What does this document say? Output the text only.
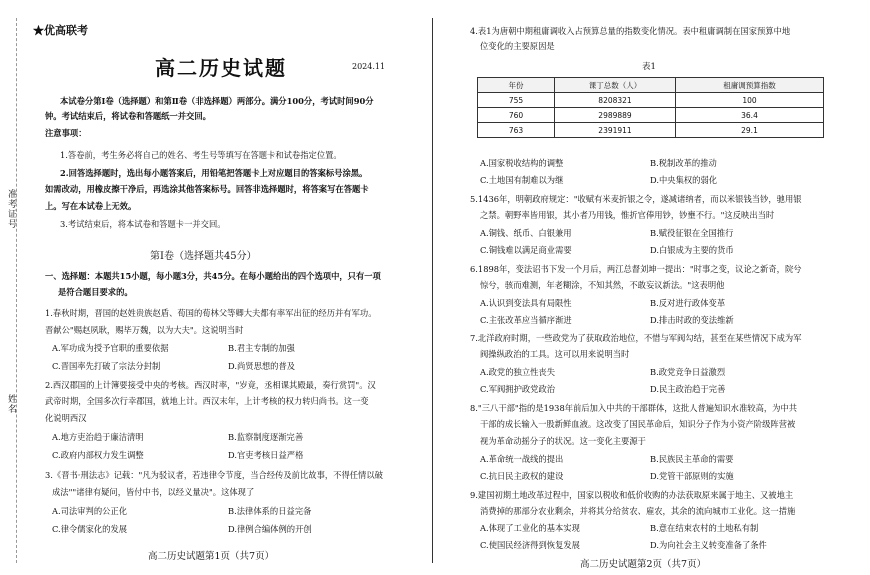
准考证号
姓名
★优高联考
高二历史试题	2024.11
本试卷分第Ⅰ卷（选择题）和第Ⅱ卷（非选择题）两部分。满分100分，考试时间90分
钟。考试结束后，将试卷和答题纸一并交回。
注意事项：
1.答卷前，考生务必将自己的姓名、考生号等填写在答题卡和试卷指定位置。
2.回答选择题时，选出每小题答案后，用铅笔把答题卡上对应题目的答案标号涂黑。
如需改动，用橡皮擦干净后，再选涂其他答案标号。回答非选择题时，将答案写在答题卡
上。写在本试卷上无效。
3.考试结束后，将本试卷和答题卡一并交回。
第Ⅰ卷（选择题共45分）
一、选择题：本题共15小题，每小题3分，共45分。在每小题给出的四个选项中，只有一项
是符合题目要求的。
1.春秋时期，晋国的赵姓贵族赵盾、荀国的荀林父等卿大夫都有率军出征的经历并有军功。
晋献公"赐赵夙耿，赐毕万魏，以为大夫"。这说明当时
A.军功成为授予官职的重要依据	B.君主专制的加强
C.晋国率先打破了宗法分封制	D.尚贤思想的普及
2.西汉郡国的上计簿要接受中央的考核。西汉时率，"岁竟，丞相课其殿最，奏行赏罚"。汉
武帝时期，全国多次行幸郡国，就地上计。西汉末年，上计考核的权力转归尚书。这一变
化说明西汉
A.地方吏治趋于廉洁清明	B.监察制度逐渐完善
C.政府内部权力发生调整	D.官吏考核日益严格
3.《晋书·刑法志》记载："凡为驳议者，若违律令节度，当合经传及前比故事，不得任情以破
成法""诸律有疑问，皆付中书，以经义量决"。这体现了
A.司法审判的公正化	B.法律体系的日益完备
C.律令儒家化的发展	D.律例合编体例的开创
高二历史试题第1页（共7页）
4.表1为唐朝中期租庸调收入占预算总量的指数变化情况。表中租庸调制在国家预算中地
位变化的主要原因是
表1
年份	课丁总数（人）	租庸调预算指数
755	8208321	100
760	2989889	36.4
763	2391911	29.1
A.国家税收结构的调整	B.税制改革的推动
C.土地国有制难以为继	D.中央集权的弱化
5.1436年，明朝政府规定："收赋有米麦折银之令，遂减诸纳者，而以米银钱当钞，驰用银
之禁。朝野率皆用银，其小者乃用钱，惟折官俸用钞，钞壅不行。"这反映出当时
A.铜钱、纸币、白银兼用	B.赋役征银在全国推行
C.铜钱难以满足商业需要	D.白银成为主要的货币
6.1898年，变法诏书下发一个月后，两江总督刘坤一提出："时事之变，议论之新奇，院兮
惊兮，骇而难测，年老糊涂，不知其然，不敢妄议新法。"这表明他
A.认识到变法具有局限性	B.反对进行政体变革
C.主张改革应当循序渐进	D.排击时政的变法维新
7.北洋政府时期，一些政党为了获取政治地位，不惜与军阀勾结，甚至在某些情况下成为军
阀操纵政治的工具。这可以用来说明当时
A.政党的独立性丧失	B.政党竞争日益激烈
C.军阀拥护政党政治	D.民主政治趋于完善
8."三八干部"指的是1938年前后加入中共的干部群体，这批人普遍知识水准较高，为中共
干部的成长输入一股新鲜血液。这改变了国民革命后，知识分子作为小资产阶级阵营被
视为革命动摇分子的状况。这一变化主要源于
A.革命统一战线的提出	B.民族民主革命的需要
C.抗日民主政权的建设	D.党管干部原则的实施
9.建国初期土地改革过程中，国家以税收和低价收购的办法获取原来属于地主、又被地主
消费掉的那部分农业剩余，并将其分给贫农、雇农，其余的流向城市工业化。这一措施
A.体现了工业化的基本实现	B.意在结束农村的土地私有制
C.使国民经济得到恢复发展	D.为向社会主义转变准备了条件
高二历史试题第2页（共7页）
